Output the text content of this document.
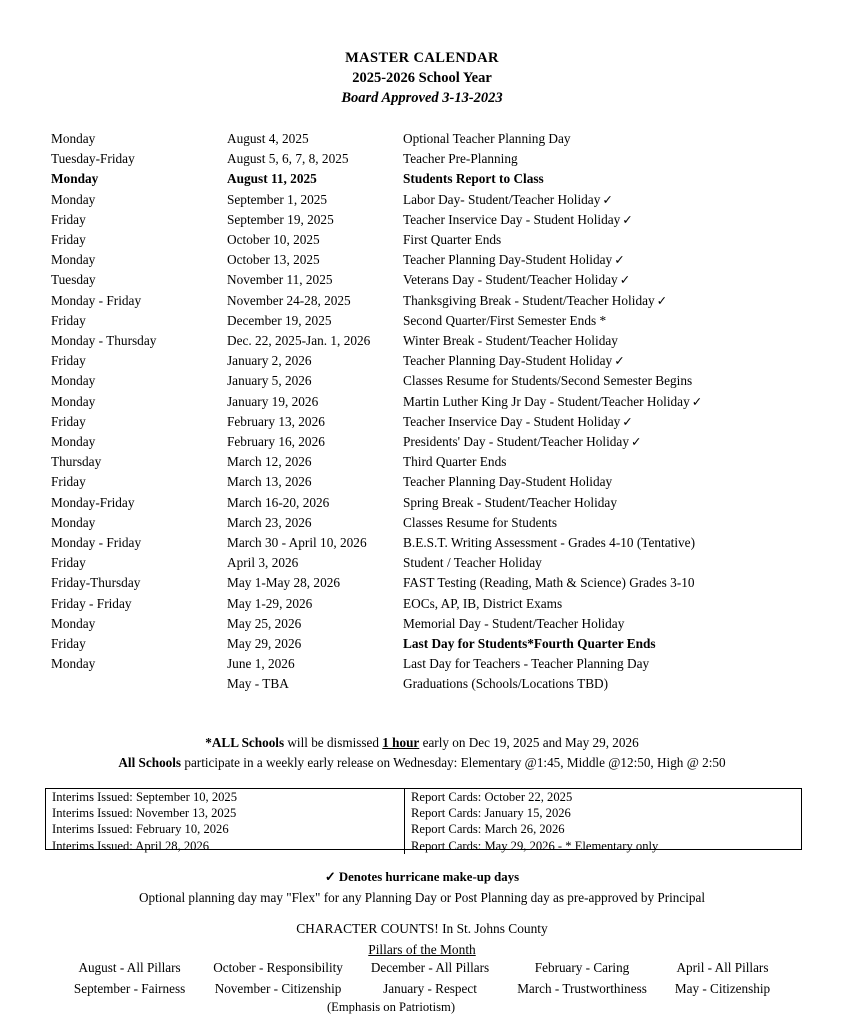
MASTER CALENDAR
2025-2026 School Year
Board Approved 3-13-2023
Monday	August 4, 2025	Optional Teacher Planning Day
Tuesday-Friday	August 5, 6, 7, 8, 2025	Teacher Pre-Planning
Monday	August 11, 2025	Students Report to Class
Monday	September 1, 2025	Labor Day- Student/Teacher Holiday ✓
Friday	September 19, 2025	Teacher Inservice Day - Student Holiday ✓
Friday	October 10, 2025	First Quarter Ends
Monday	October 13, 2025	Teacher Planning Day-Student Holiday ✓
Tuesday	November 11, 2025	Veterans Day - Student/Teacher Holiday ✓
Monday - Friday	November 24-28, 2025	Thanksgiving Break - Student/Teacher Holiday ✓
Friday	December 19, 2025	Second Quarter/First Semester Ends *
Monday - Thursday	Dec. 22, 2025-Jan. 1, 2026	Winter Break - Student/Teacher Holiday
Friday	January 2, 2026	Teacher Planning Day-Student Holiday ✓
Monday	January 5, 2026	Classes Resume for Students/Second Semester Begins
Monday	January 19, 2026	Martin Luther King Jr Day - Student/Teacher Holiday ✓
Friday	February 13, 2026	Teacher Inservice Day - Student Holiday ✓
Monday	February 16, 2026	Presidents' Day - Student/Teacher Holiday ✓
Thursday	March 12, 2026	Third Quarter Ends
Friday	March 13, 2026	Teacher Planning Day-Student Holiday
Monday-Friday	March 16-20, 2026	Spring Break - Student/Teacher Holiday
Monday	March 23, 2026	Classes Resume for Students
Monday - Friday	March 30 - April 10, 2026	B.E.S.T. Writing Assessment - Grades 4-10 (Tentative)
Friday	April 3, 2026	Student / Teacher Holiday
Friday-Thursday	May 1-May 28, 2026	FAST Testing (Reading, Math & Science) Grades 3-10
Friday - Friday	May 1-29, 2026	EOCs, AP, IB, District Exams
Monday	May 25, 2026	Memorial Day - Student/Teacher Holiday
Friday	May 29, 2026	Last Day for Students*Fourth Quarter Ends
Monday	June 1, 2026	Last Day for Teachers - Teacher Planning Day
	May - TBA	Graduations (Schools/Locations TBD)
*ALL Schools will be dismissed 1 hour early on Dec 19, 2025 and May 29, 2026
All Schools participate in a weekly early release on Wednesday: Elementary @1:45, Middle @12:50, High @ 2:50
Interims Issued: September 10, 2025	Report Cards: October 22, 2025
Interims Issued: November 13, 2025	Report Cards: January 15, 2026
Interims Issued: February 10, 2026	Report Cards: March 26, 2026
Interims Issued: April 28, 2026	Report Cards: May 29, 2026 - * Elementary only
✓ Denotes hurricane make-up days
Optional planning day may "Flex" for any Planning Day or Post Planning day as pre-approved by Principal
CHARACTER COUNTS! In St. Johns County
Pillars of the Month
August - All Pillars	October - Responsibility	December - All Pillars	February - Caring	April - All Pillars
September - Fairness	November - Citizenship	January - Respect	March - Trustworthiness	May - Citizenship
(Emphasis on Patriotism)
